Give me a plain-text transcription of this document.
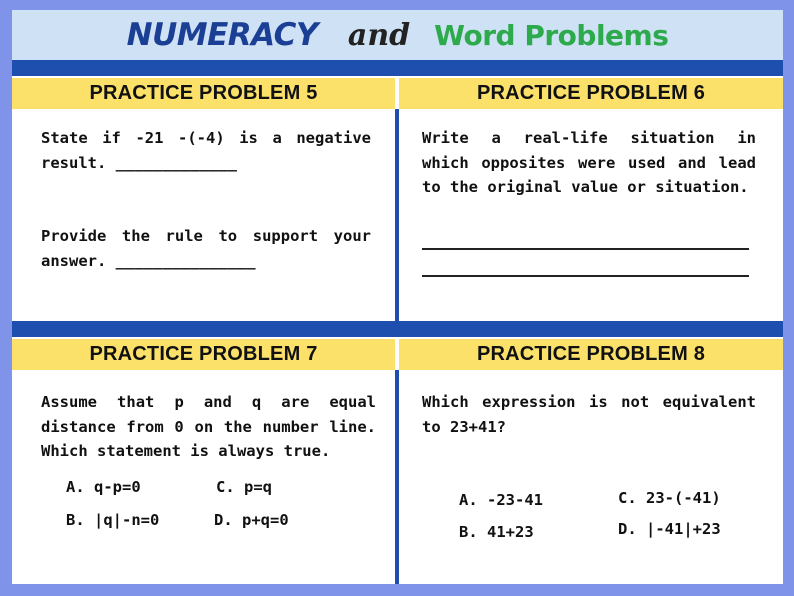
NUMERACY and Word Problems
PRACTICE PROBLEM 5	PRACTICE PROBLEM 6

State if -21 -(-4) is a negative result. _____________

Provide the rule to support your answer. _______________

Write a real-life situation in which opposites were used and lead to the original value or situation.

PRACTICE PROBLEM 7	PRACTICE PROBLEM 8

Assume that p and q are equal distance from 0 on the number line. Which statement is always true.

A. q-p=0	C. p=q
B. |q|-n=0	D. p+q=0

Which expression is not equivalent to 23+41?

A. -23-41	C. 23-(-41)
B. 41+23	D. |-41|+23
